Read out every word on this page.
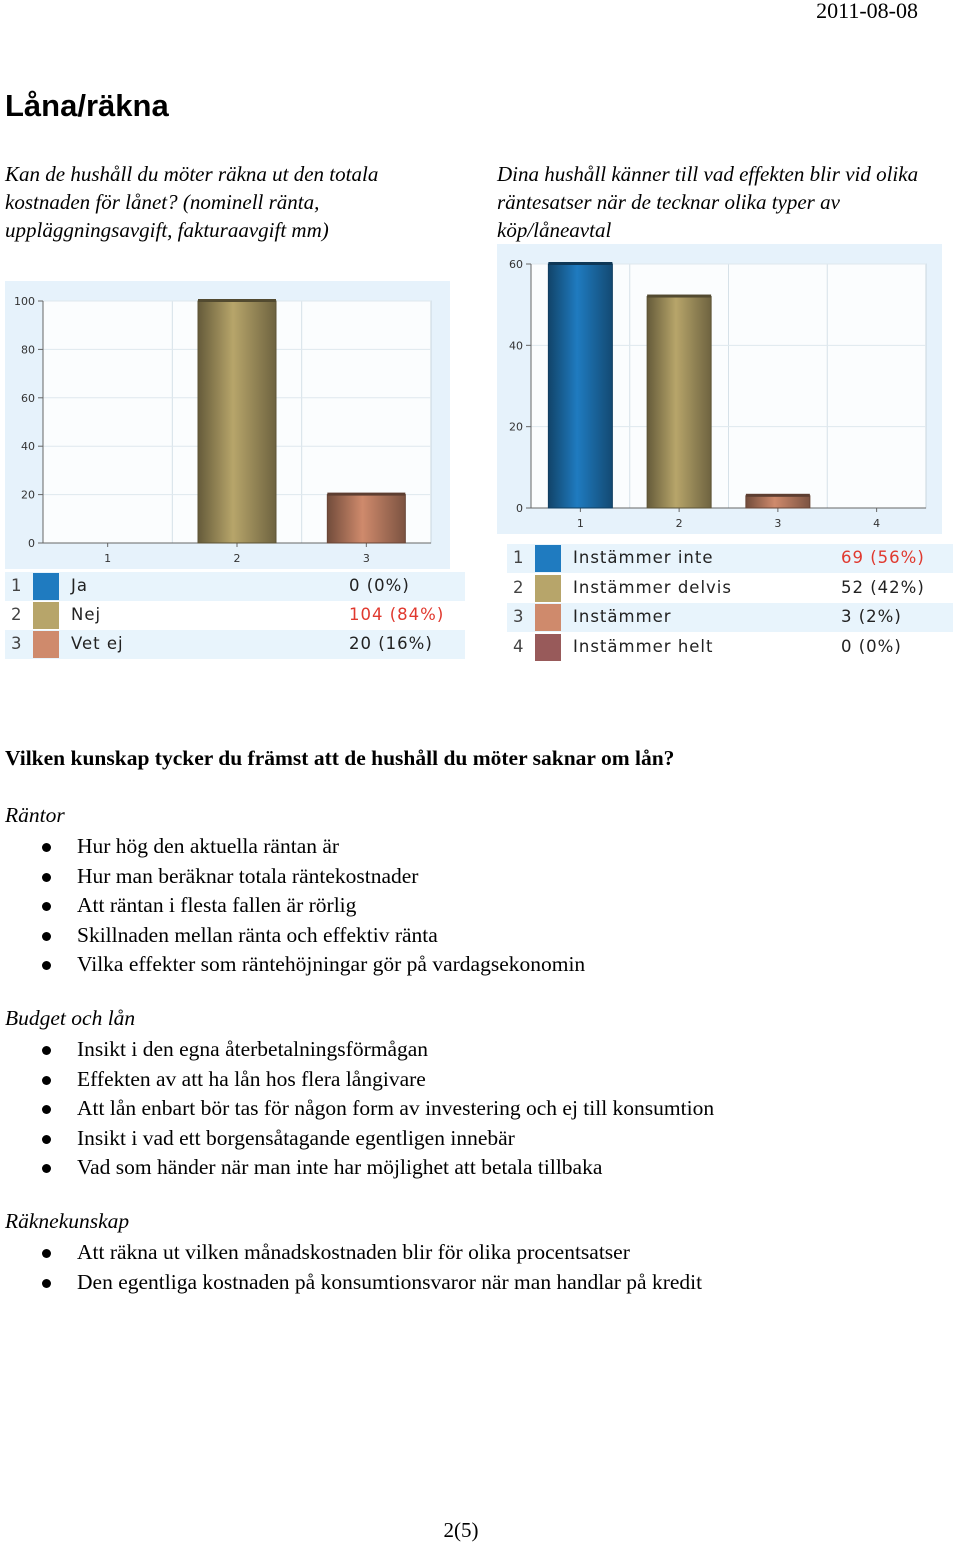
2011-08-08
Låna/räkna
Kan de hushåll du möter räkna ut den totala kostnaden för lånet? (nominell ränta, uppläggningsavgift, fakturaavgift mm)
Dina hushåll känner till vad effekten blir vid olika räntesatser när de tecknar olika typer av köp/låneavtal
0
20
40
60
80
100
1	2	3
1	Ja	0 (0%)
2	Nej	104 (84%)
3	Vet ej	20 (16%)
0
20
40
60
1	2	3	4
1	Instämmer inte	69 (56%)
2	Instämmer delvis	52 (42%)
3	Instämmer	3 (2%)
4	Instämmer helt	0 (0%)
Vilken kunskap tycker du främst att de hushåll du möter saknar om lån?
Räntor
Hur hög den aktuella räntan är
Hur man beräknar totala räntekostnader
Att räntan i flesta fallen är rörlig
Skillnaden mellan ränta och effektiv ränta
Vilka effekter som räntehöjningar gör på vardagsekonomin
Budget och lån
Insikt i den egna återbetalningsförmågan
Effekten av att ha lån hos flera långivare
Att lån enbart bör tas för någon form av investering och ej till konsumtion
Insikt i vad ett borgensåtagande egentligen innebär
Vad som händer när man inte har möjlighet att betala tillbaka
Räknekunskap
Att räkna ut vilken månadskostnaden blir för olika procentsatser
Den egentliga kostnaden på konsumtionsvaror när man handlar på kredit
2(5)
